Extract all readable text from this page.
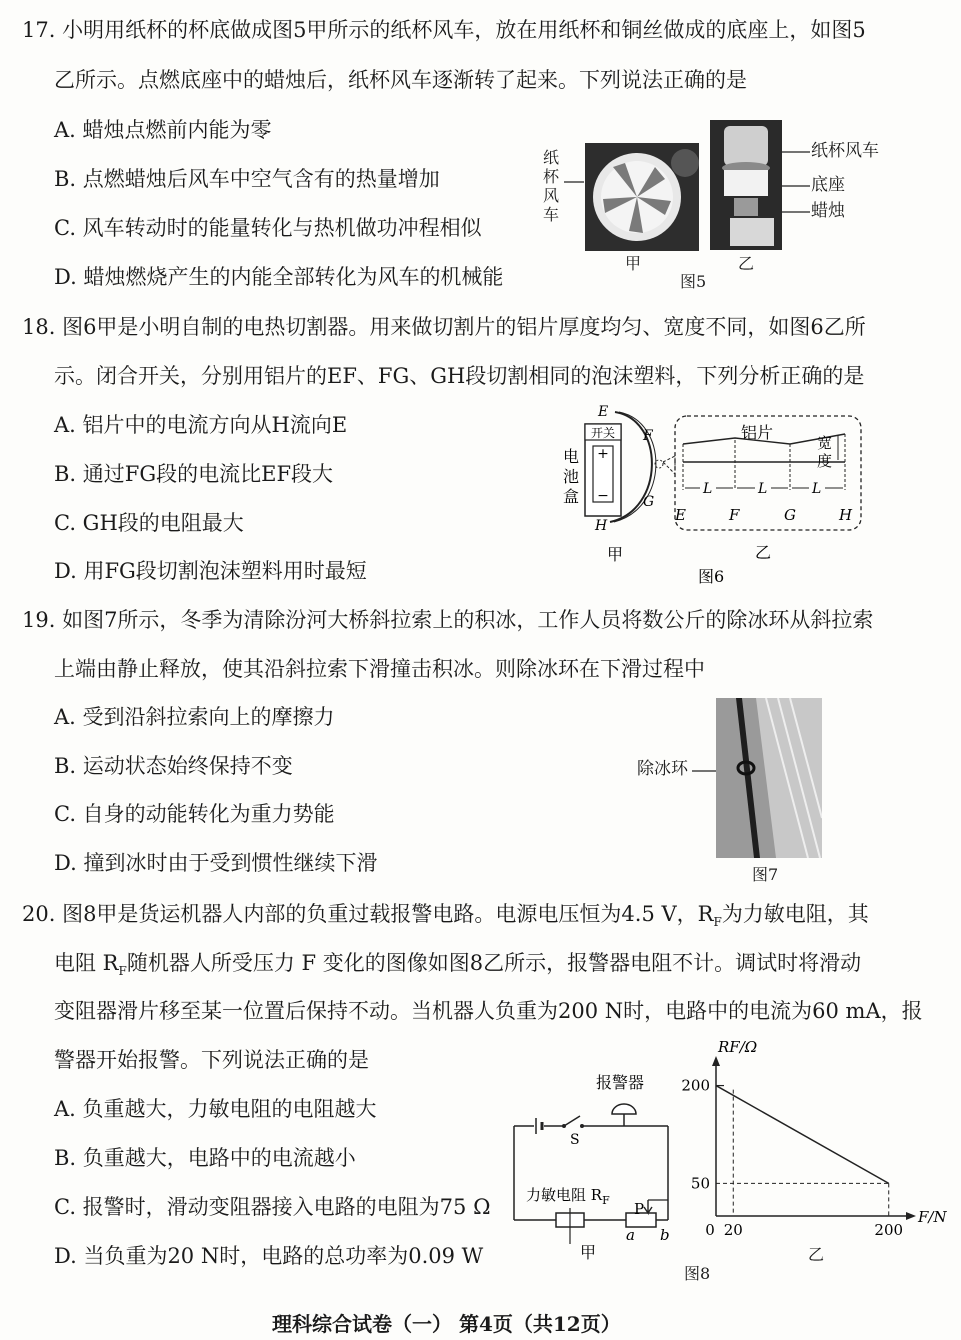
17. 小明用纸杯的杯底做成图5甲所示的纸杯风车，放在用纸杯和铜丝做成的底座上，如图5
乙所示。点燃底座中的蜡烛后，纸杯风车逐渐转了起来。下列说法正确的是
A. 蜡烛点燃前内能为零
B. 点燃蜡烛后风车中空气含有的热量增加
C. 风车转动时的能量转化与热机做功冲程相似
D. 蜡烛燃烧产生的内能全部转化为风车的机械能
纸
杯
风
车
纸杯风车
底座
蜡烛
甲	乙
图5
18. 图6甲是小明自制的电热切割器。用来做切割片的铝片厚度均匀、宽度不同，如图6乙所
示。闭合开关，分别用铝片的EF、FG、GH段切割相同的泡沫塑料，下列分析正确的是
A. 铝片中的电流方向从H流向E
B. 通过FG段的电流比EF段大
C. GH段的电阻最大
D. 用FG段切割泡沫塑料用时最短
开关
+
−
E
F
G
H
电
池
盒
甲
铝片
宽
度
L	L	L
E	F	G	H
乙
图6
19. 如图7所示，冬季为清除汾河大桥斜拉索上的积冰，工作人员将数公斤的除冰环从斜拉索
上端由静止释放，使其沿斜拉索下滑撞击积冰。则除冰环在下滑过程中
A. 受到沿斜拉索向上的摩擦力
B. 运动状态始终保持不变
C. 自身的动能转化为重力势能
D. 撞到冰时由于受到惯性继续下滑
除冰环
图7
20. 图8甲是货运机器人内部的负重过载报警电路。电源电压恒为4.5 V，$R_F$为力敏电阻，其
电阻 $R_F$随机器人所受压力 F 变化的图像如图8乙所示，报警器电阻不计。调试时将滑动
变阻器滑片移至某一位置后保持不动。当机器人负重为200 N时，电路中的电流为60 mA，报
警器开始报警。下列说法正确的是
A. 负重越大，力敏电阻的电阻越大
B. 负重越大，电路中的电流越小
C. 报警时，滑动变阻器接入电路的电阻为75 Ω
D. 当负重为20 N时，电路的总功率为0.09 W
报警器
S
力敏电阻 $R_F$ P
a b
甲
RF/Ω
F/N
200
50
0 20	200
乙
图8
理科综合试卷（一） 第4页（共12页）
